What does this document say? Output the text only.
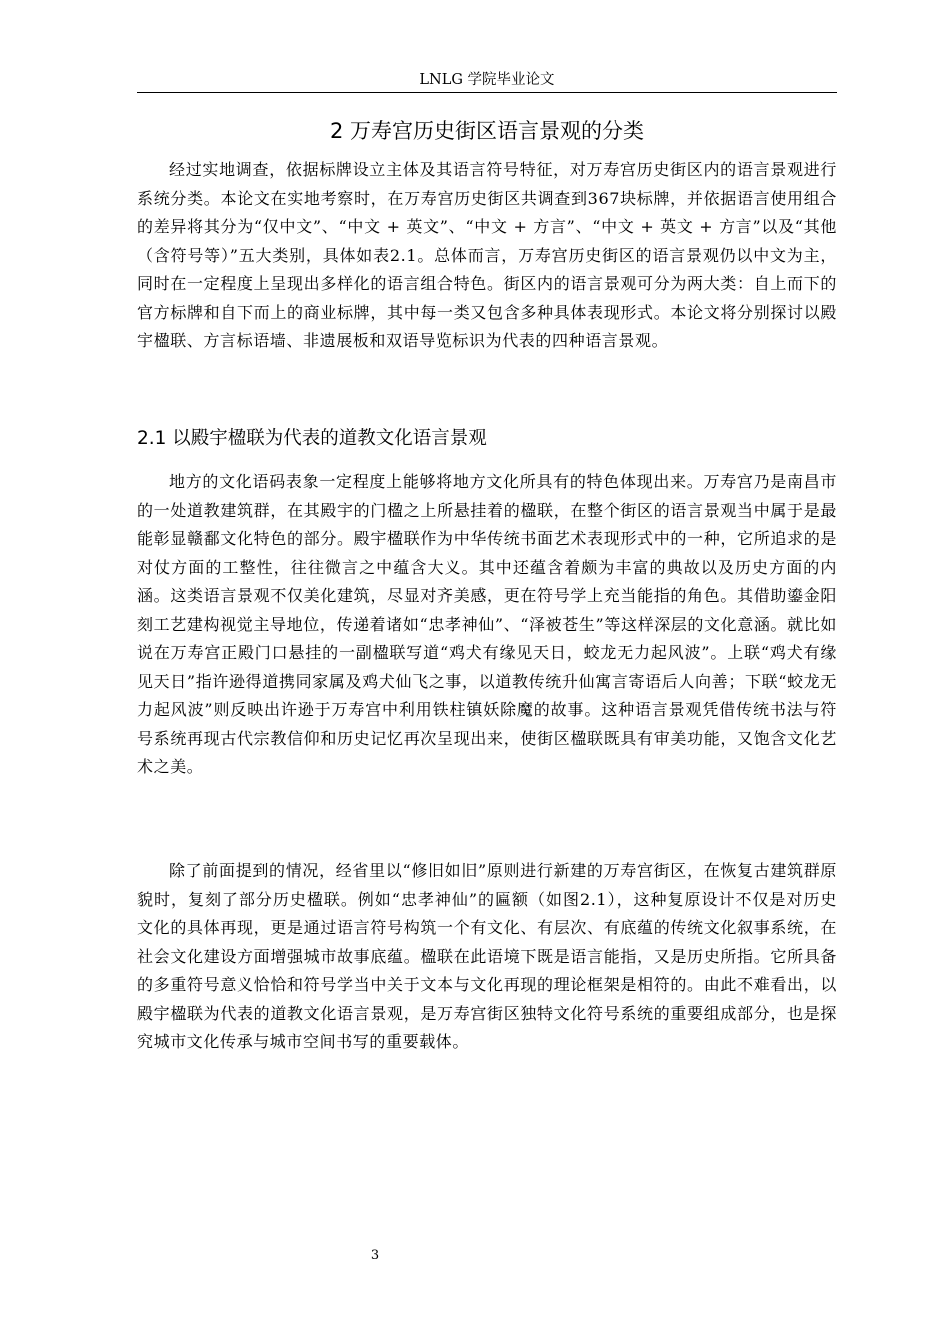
LNLG 学院毕业论文
2 万寿宫历史街区语言景观的分类

经过实地调查，依据标牌设立主体及其语言符号特征，对万寿宫历史街区内的语言景观进行系统分类。本论文在实地考察时，在万寿宫历史街区共调查到367块标牌，并依据语言使用组合的差异将其分为“仅中文”、“中文 + 英文”、“中文 + 方言”、“中文 + 英文 + 方言”以及“其他（含符号等）”五大类别，具体如表2.1。总体而言，万寿宫历史街区的语言景观仍以中文为主，同时在一定程度上呈现出多样化的语言组合特色。街区内的语言景观可分为两大类：自上而下的官方标牌和自下而上的商业标牌，其中每一类又包含多种具体表现形式。本论文将分别探讨以殿宇楹联、方言标语墙、非遗展板和双语导览标识为代表的四种语言景观。

2.1 以殿宇楹联为代表的道教文化语言景观

地方的文化语码表象一定程度上能够将地方文化所具有的特色体现出来。万寿宫乃是南昌市的一处道教建筑群，在其殿宇的门楹之上所悬挂着的楹联，在整个街区的语言景观当中属于是最能彰显赣鄱文化特色的部分。殿宇楹联作为中华传统书面艺术表现形式中的一种，它所追求的是对仗方面的工整性，往往微言之中蕴含大义。其中还蕴含着颇为丰富的典故以及历史方面的内涵。这类语言景观不仅美化建筑，尽显对齐美感，更在符号学上充当能指的角色。其借助鎏金阳刻工艺建构视觉主导地位，传递着诸如“忠孝神仙”、“泽被苍生”等这样深层的文化意涵。就比如说在万寿宫正殿门口悬挂的一副楹联写道“鸡犬有缘见天日，蛟龙无力起风波”。上联“鸡犬有缘见天日”指许逊得道携同家属及鸡犬仙飞之事，以道教传统升仙寓言寄语后人向善；下联“蛟龙无力起风波”则反映出许逊于万寿宫中利用铁柱镇妖除魔的故事。这种语言景观凭借传统书法与符号系统再现古代宗教信仰和历史记忆再次呈现出来，使街区楹联既具有审美功能，又饱含文化艺术之美。

除了前面提到的情况，经省里以“修旧如旧”原则进行新建的万寿宫街区，在恢复古建筑群原貌时，复刻了部分历史楹联。例如“忠孝神仙”的匾额（如图2.1），这种复原设计不仅是对历史文化的具体再现，更是通过语言符号构筑一个有文化、有层次、有底蕴的传统文化叙事系统，在社会文化建设方面增强城市故事底蕴。楹联在此语境下既是语言能指，又是历史所指。它所具备的多重符号意义恰恰和符号学当中关于文本与文化再现的理论框架是相符的。由此不难看出，以殿宇楹联为代表的道教文化语言景观，是万寿宫街区独特文化符号系统的重要组成部分，也是探究城市文化传承与城市空间书写的重要载体。

3
